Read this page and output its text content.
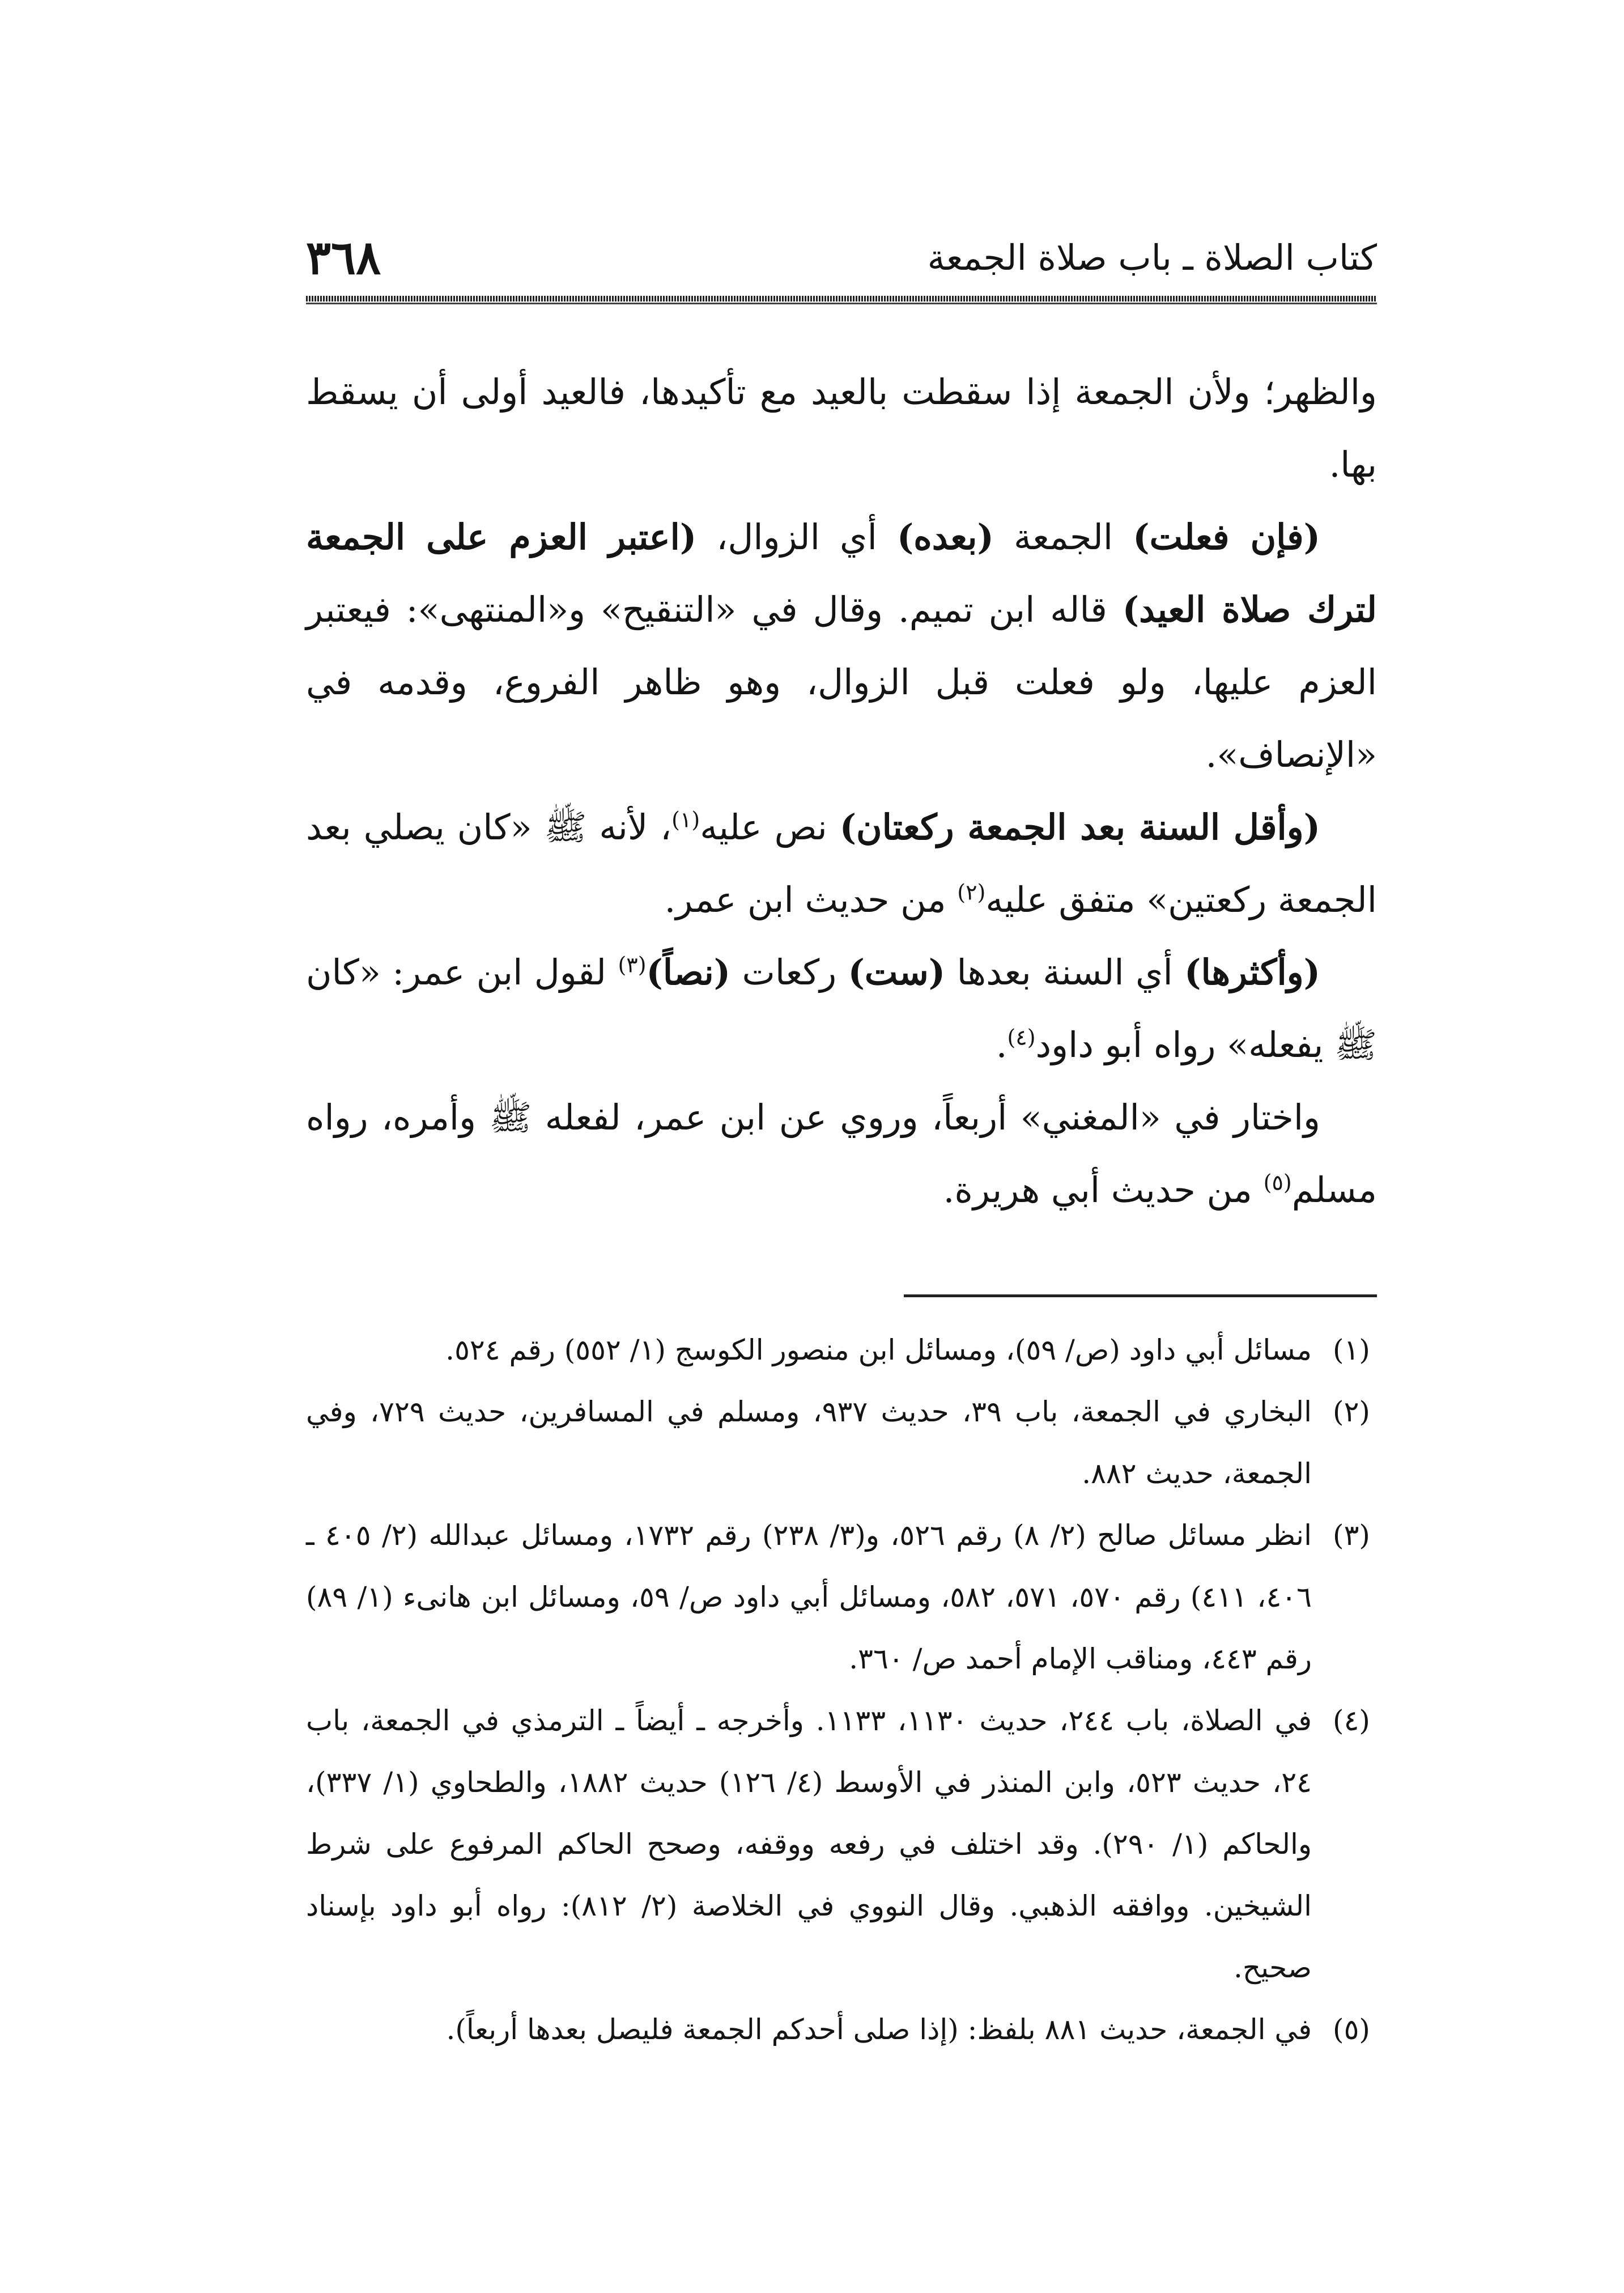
٣٦٨	كتاب الصلاة ـ باب صلاة الجمعة

والظهر؛ ولأن الجمعة إذا سقطت بالعيد مع تأكيدها، فالعيد أولى أن يسقط بها.

(فإن فعلت) الجمعة (بعده) أي الزوال، (اعتبر العزم على الجمعة لترك صلاة العيد) قاله ابن تميم. وقال في «التنقيح» و«المنتهى»: فيعتبر العزم عليها، ولو فعلت قبل الزوال، وهو ظاهر الفروع، وقدمه في «الإنصاف».

(وأقل السنة بعد الجمعة ركعتان) نص عليه$^{(١)}$، لأنه ﷺ «كان يصلي بعد الجمعة ركعتين» متفق عليه$^{(٢)}$ من حديث ابن عمر.

(وأكثرها) أي السنة بعدها (ست) ركعات (نصاً)$^{(٣)}$ لقول ابن عمر: «كان ﷺ يفعله» رواه أبو داود$^{(٤)}$.

واختار في «المغني» أربعاً، وروي عن ابن عمر، لفعله ﷺ وأمره، رواه مسلم$^{(٥)}$ من حديث أبي هريرة.

(١)
مسائل أبي داود (ص/ ٥٩)، ومسائل ابن منصور الكوسج (١/ ٥٥٢) رقم ٥٢٤.
(٢)
البخاري في الجمعة، باب ٣٩، حديث ٩٣٧، ومسلم في المسافرين، حديث ٧٢٩، وفي الجمعة، حديث ٨٨٢.
(٣)
انظر مسائل صالح (٢/ ٨) رقم ٥٢٦، و(٣/ ٢٣٨) رقم ١٧٣٢، ومسائل عبدالله (٢/ ٤٠٥ ـ ٤٠٦، ٤١١) رقم ٥٧٠، ٥٧١، ٥٨٢، ومسائل أبي داود ص/ ٥٩، ومسائل ابن هانىء (١/ ٨٩) رقم ٤٤٣، ومناقب الإمام أحمد ص/ ٣٦٠.
(٤)
في الصلاة، باب ٢٤٤، حديث ١١٣٠، ١١٣٣. وأخرجه ـ أيضاً ـ الترمذي في الجمعة، باب ٢٤، حديث ٥٢٣، وابن المنذر في الأوسط (٤/ ١٢٦) حديث ١٨٨٢، والطحاوي (١/ ٣٣٧)، والحاكم (١/ ٢٩٠). وقد اختلف في رفعه ووقفه، وصحح الحاكم المرفوع على شرط الشيخين. ووافقه الذهبي. وقال النووي في الخلاصة (٢/ ٨١٢): رواه أبو داود بإسناد صحيح.
(٥)
في الجمعة، حديث ٨٨١ بلفظ: (إذا صلى أحدكم الجمعة فليصل بعدها أربعاً).
